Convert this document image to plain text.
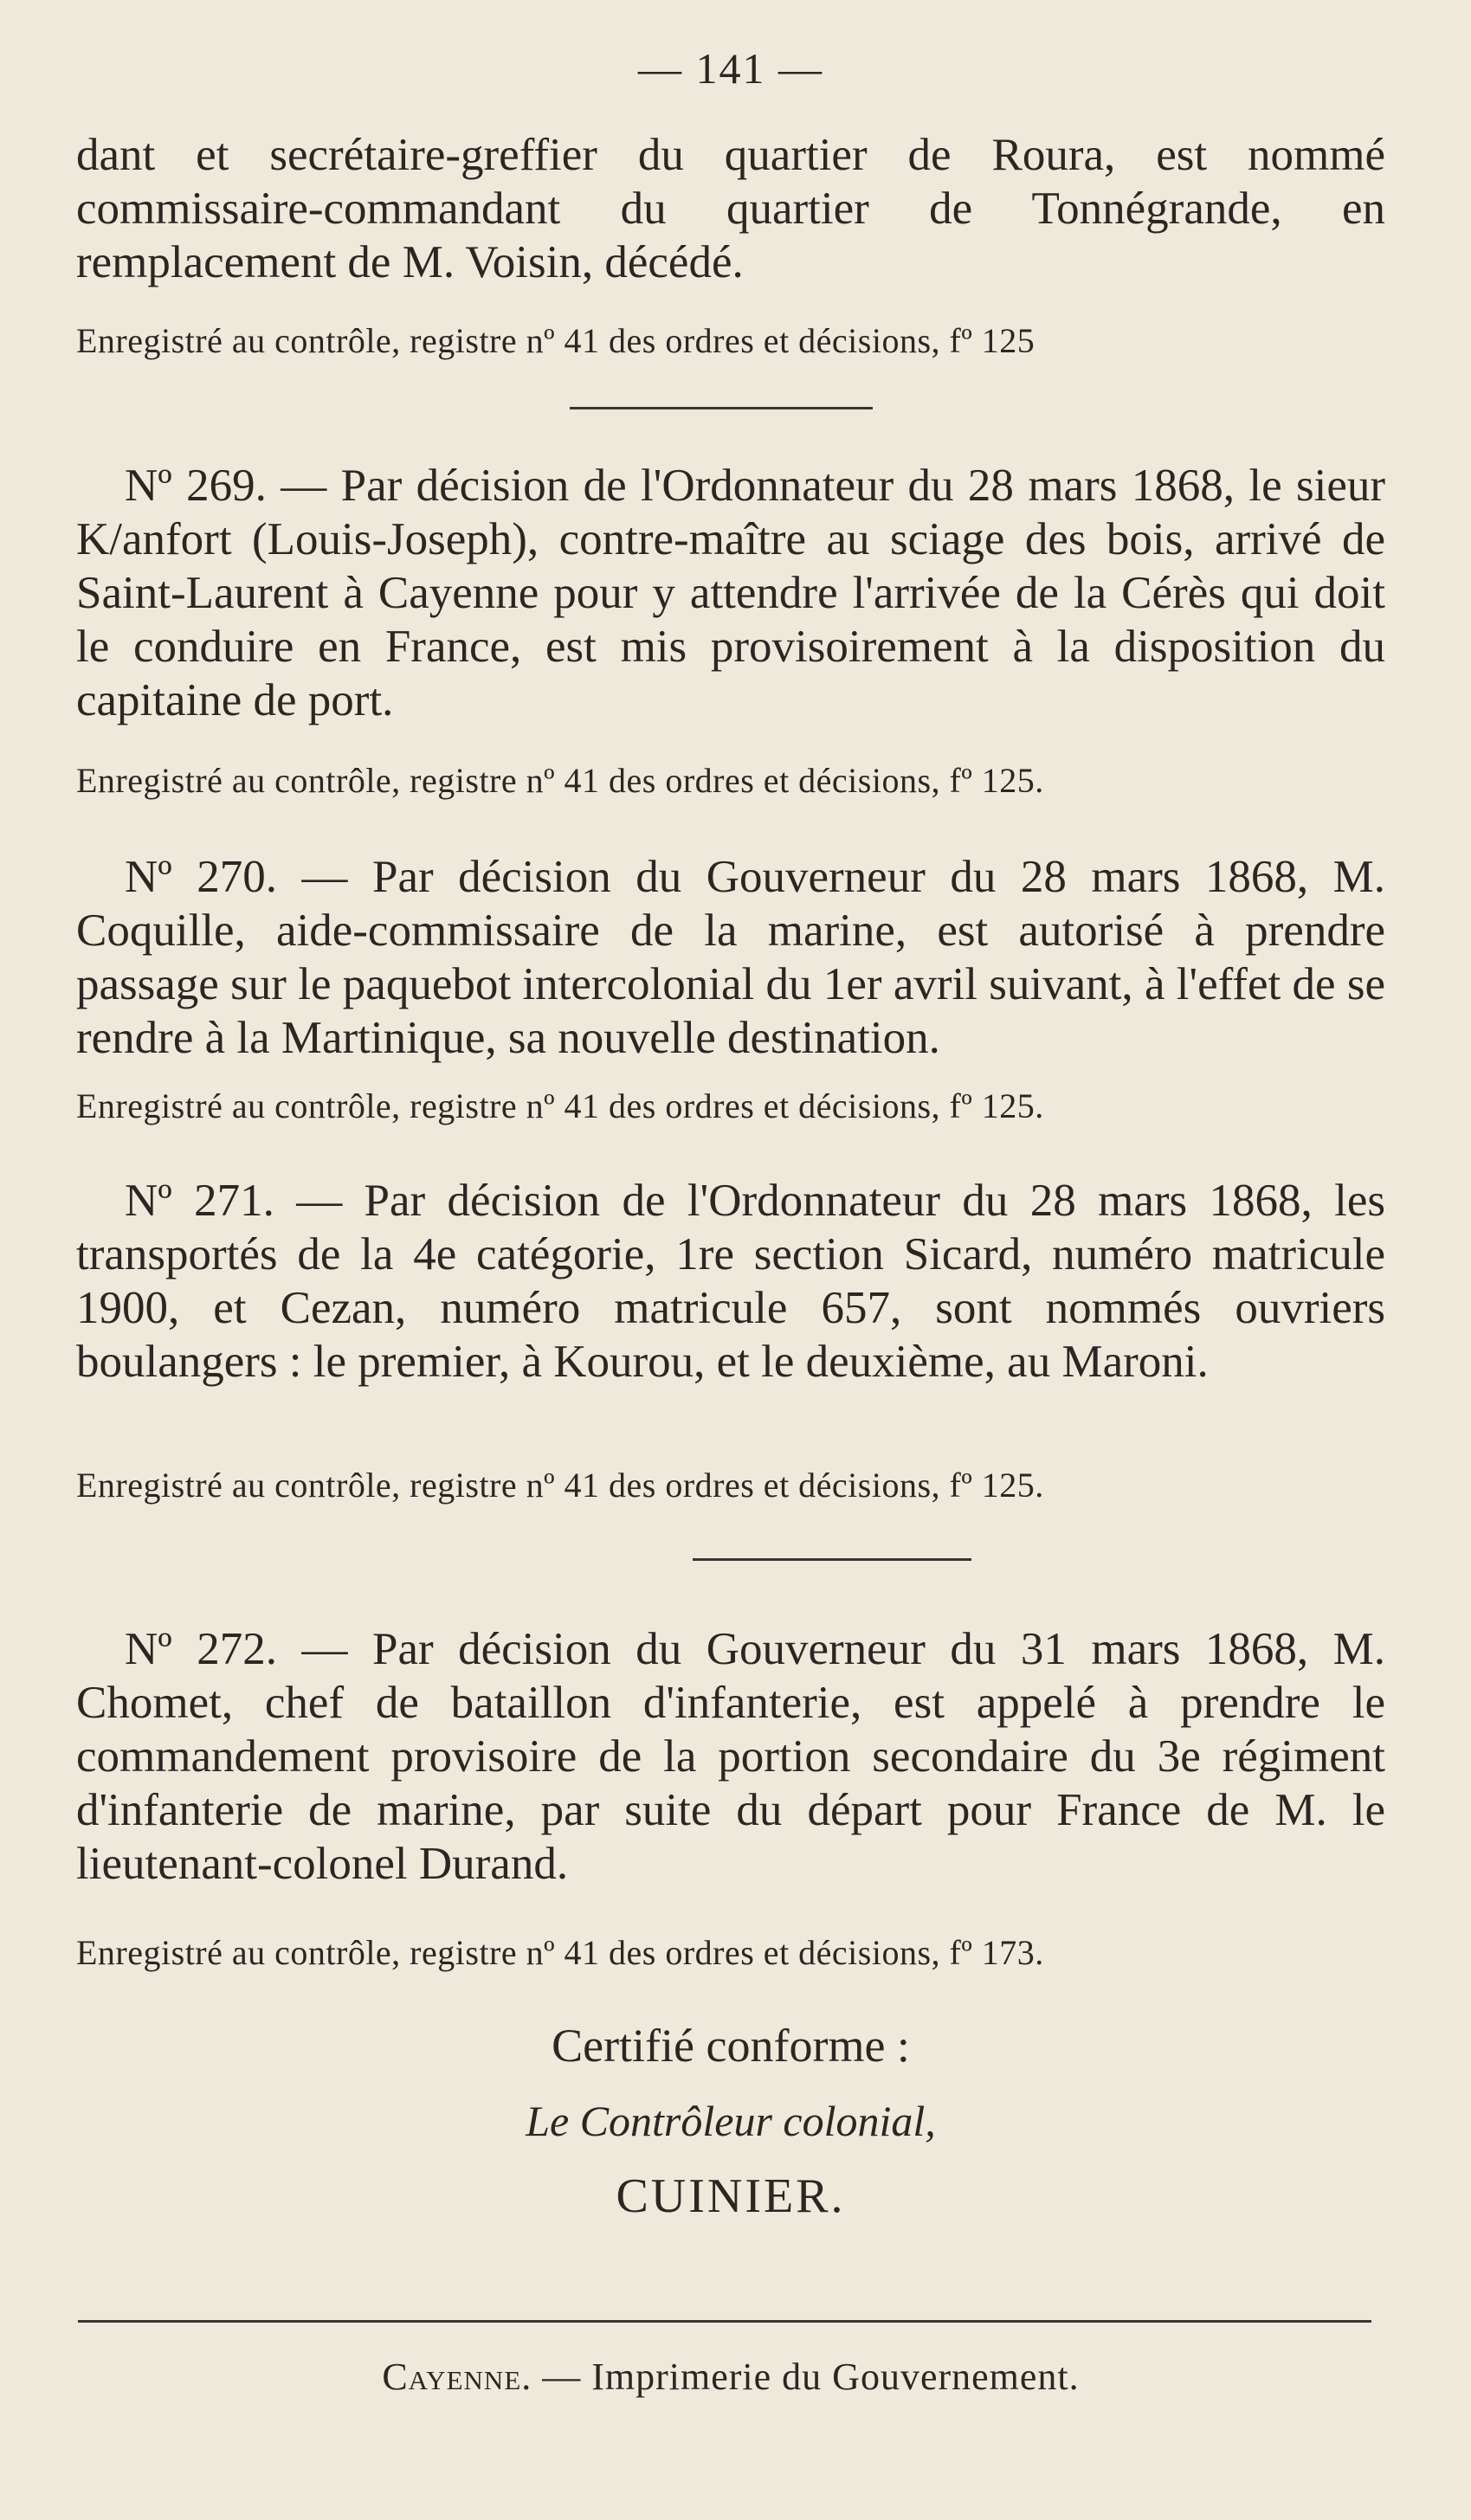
— 141 —

dant et secrétaire-greffier du quartier de Roura, est nommé commissaire-commandant du quartier de Tonnégrande, en remplacement de M. Voisin, décédé.

Enregistré au contrôle, registre nº 41 des ordres et décisions, fº 125

Nº 269. — Par décision de l'Ordonnateur du 28 mars 1868, le sieur K/anfort (Louis-Joseph), contre-maître au sciage des bois, arrivé de Saint-Laurent à Cayenne pour y attendre l'arrivée de la Cérès qui doit le conduire en France, est mis provisoirement à la disposition du capitaine de port.

Enregistré au contrôle, registre nº 41 des ordres et décisions, fº 125.

Nº 270. — Par décision du Gouverneur du 28 mars 1868, M. Coquille, aide-commissaire de la marine, est autorisé à prendre passage sur le paquebot intercolonial du 1er avril suivant, à l'effet de se rendre à la Martinique, sa nouvelle destination.

Enregistré au contrôle, registre nº 41 des ordres et décisions, fº 125.

Nº 271. — Par décision de l'Ordonnateur du 28 mars 1868, les transportés de la 4e catégorie, 1re section Sicard, numéro matricule 1900, et Cezan, numéro matricule 657, sont nommés ouvriers boulangers : le premier, à Kourou, et le deuxième, au Maroni.

Enregistré au contrôle, registre nº 41 des ordres et décisions, fº 125.

Nº 272. — Par décision du Gouverneur du 31 mars 1868, M. Chomet, chef de bataillon d'infanterie, est appelé à prendre le commandement provisoire de la portion secondaire du 3e régiment d'infanterie de marine, par suite du départ pour France de M. le lieutenant-colonel Durand.

Enregistré au contrôle, registre nº 41 des ordres et décisions, fº 173.

Certifié conforme :

Le Contrôleur colonial,

CUINIER.

Cayenne. — Imprimerie du Gouvernement.
